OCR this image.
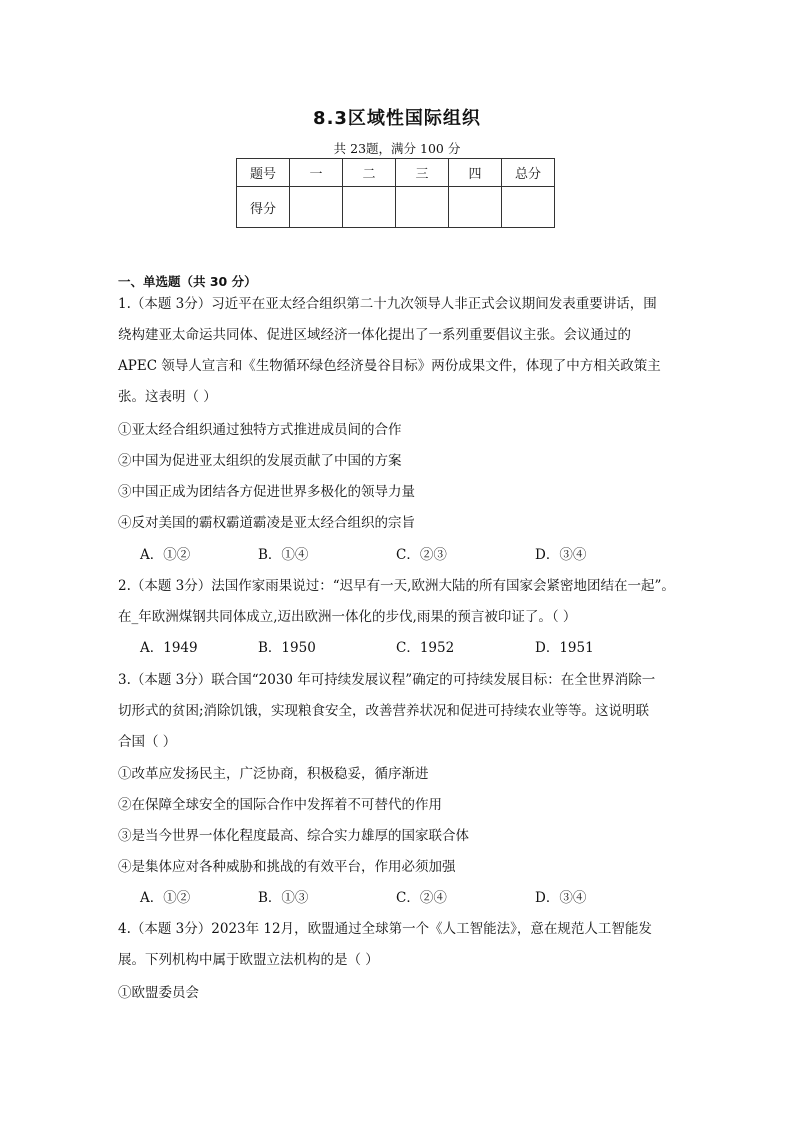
8.3区域性国际组织
共 23题，满分 100 分
题号	一	二	三	四	总分
得分					
一、单选题（共 30 分）
1.（本题 3分）习近平在亚太经合组织第二十九次领导人非正式会议期间发表重要讲话，围
绕构建亚太命运共同体、促进区域经济一体化提出了一系列重要倡议主张。会议通过的
APEC 领导人宣言和《生物循环绿色经济曼谷目标》两份成果文件，体现了中方相关政策主
张。这表明（ ）
①亚太经合组织通过独特方式推进成员间的合作
②中国为促进亚太组织的发展贡献了中国的方案
③中国正成为团结各方促进世界多极化的领导力量
④反对美国的霸权霸道霸凌是亚太经合组织的宗旨
A．①②	B．①④	C．②③	D．③④
2.（本题 3分）法国作家雨果说过：“迟早有一天,欧洲大陆的所有国家会紧密地团结在一起”。
在_年欧洲煤钢共同体成立,迈出欧洲一体化的步伐,雨果的预言被印证了。（ ）
A．1949	B．1950	C．1952	D．1951
3.（本题 3分）联合国“2030 年可持续发展议程”确定的可持续发展目标：在全世界消除一
切形式的贫困;消除饥饿，实现粮食安全，改善营养状况和促进可持续农业等等。这说明联
合国（ ）
①改革应发扬民主，广泛协商，积极稳妥，循序渐进
②在保障全球安全的国际合作中发挥着不可替代的作用
③是当今世界一体化程度最高、综合实力雄厚的国家联合体
④是集体应对各种威胁和挑战的有效平台，作用必须加强
A．①②	B．①③	C．②④	D．③④
4.（本题 3分）2023年 12月，欧盟通过全球第一个《人工智能法》，意在规范人工智能发
展。下列机构中属于欧盟立法机构的是（ ）
①欧盟委员会
